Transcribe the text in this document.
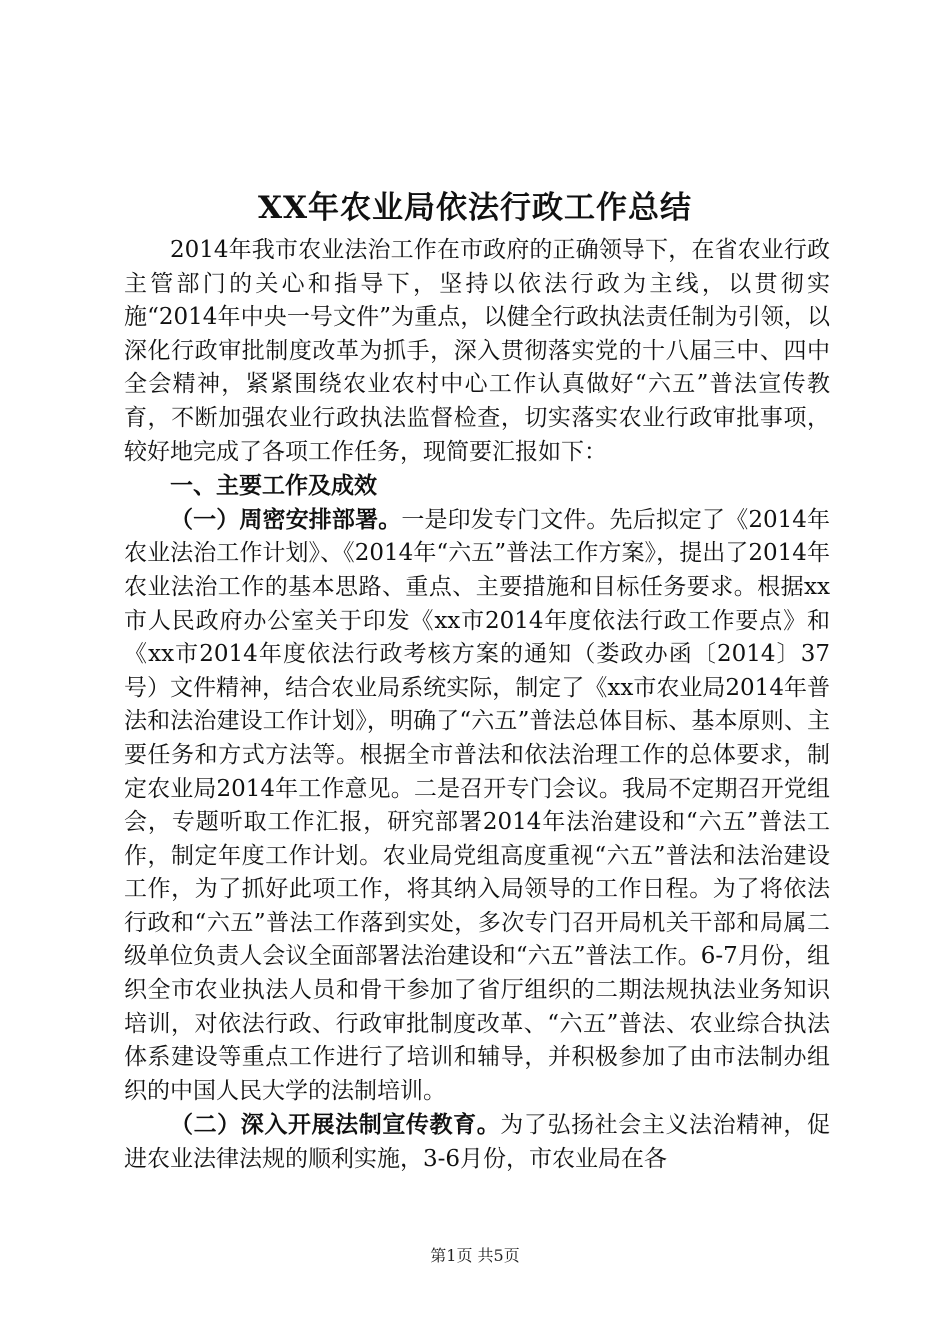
XX年农业局依法行政工作总结

2014年我市农业法治工作在市政府的正确领导下，在省农业行政主管部门的关心和指导下，坚持以依法行政为主线，以贯彻实施“2014年中央一号文件”为重点，以健全行政执法责任制为引领，以深化行政审批制度改革为抓手，深入贯彻落实党的十八届三中、四中全会精神，紧紧围绕农业农村中心工作认真做好“六五”普法宣传教育，不断加强农业行政执法监督检查，切实落实农业行政审批事项，较好地完成了各项工作任务，现简要汇报如下：

一、主要工作及成效

（一）周密安排部署。一是印发专门文件。先后拟定了《2014年农业法治工作计划》、《2014年“六五”普法工作方案》，提出了2014年农业法治工作的基本思路、重点、主要措施和目标任务要求。根据xx市人民政府办公室关于印发《xx市2014年度依法行政工作要点》和《xx市2014年度依法行政考核方案的通知（娄政办函〔2014〕37号）文件精神，结合农业局系统实际，制定了《xx市农业局2014年普法和法治建设工作计划》，明确了“六五”普法总体目标、基本原则、主要任务和方式方法等。根据全市普法和依法治理工作的总体要求，制定农业局2014年工作意见。二是召开专门会议。我局不定期召开党组会，专题听取工作汇报，研究部署2014年法治建设和“六五”普法工作，制定年度工作计划。农业局党组高度重视“六五”普法和法治建设工作，为了抓好此项工作，将其纳入局领导的工作日程。为了将依法行政和“六五”普法工作落到实处，多次专门召开局机关干部和局属二级单位负责人会议全面部署法治建设和“六五”普法工作。6-7月份，组织全市农业执法人员和骨干参加了省厅组织的二期法规执法业务知识培训，对依法行政、行政审批制度改革、“六五”普法、农业综合执法体系建设等重点工作进行了培训和辅导，并积极参加了由市法制办组织的中国人民大学的法制培训。

（二）深入开展法制宣传教育。为了弘扬社会主义法治精神，促进农业法律法规的顺利实施，3-6月份，市农业局在各

第1页 共5页
